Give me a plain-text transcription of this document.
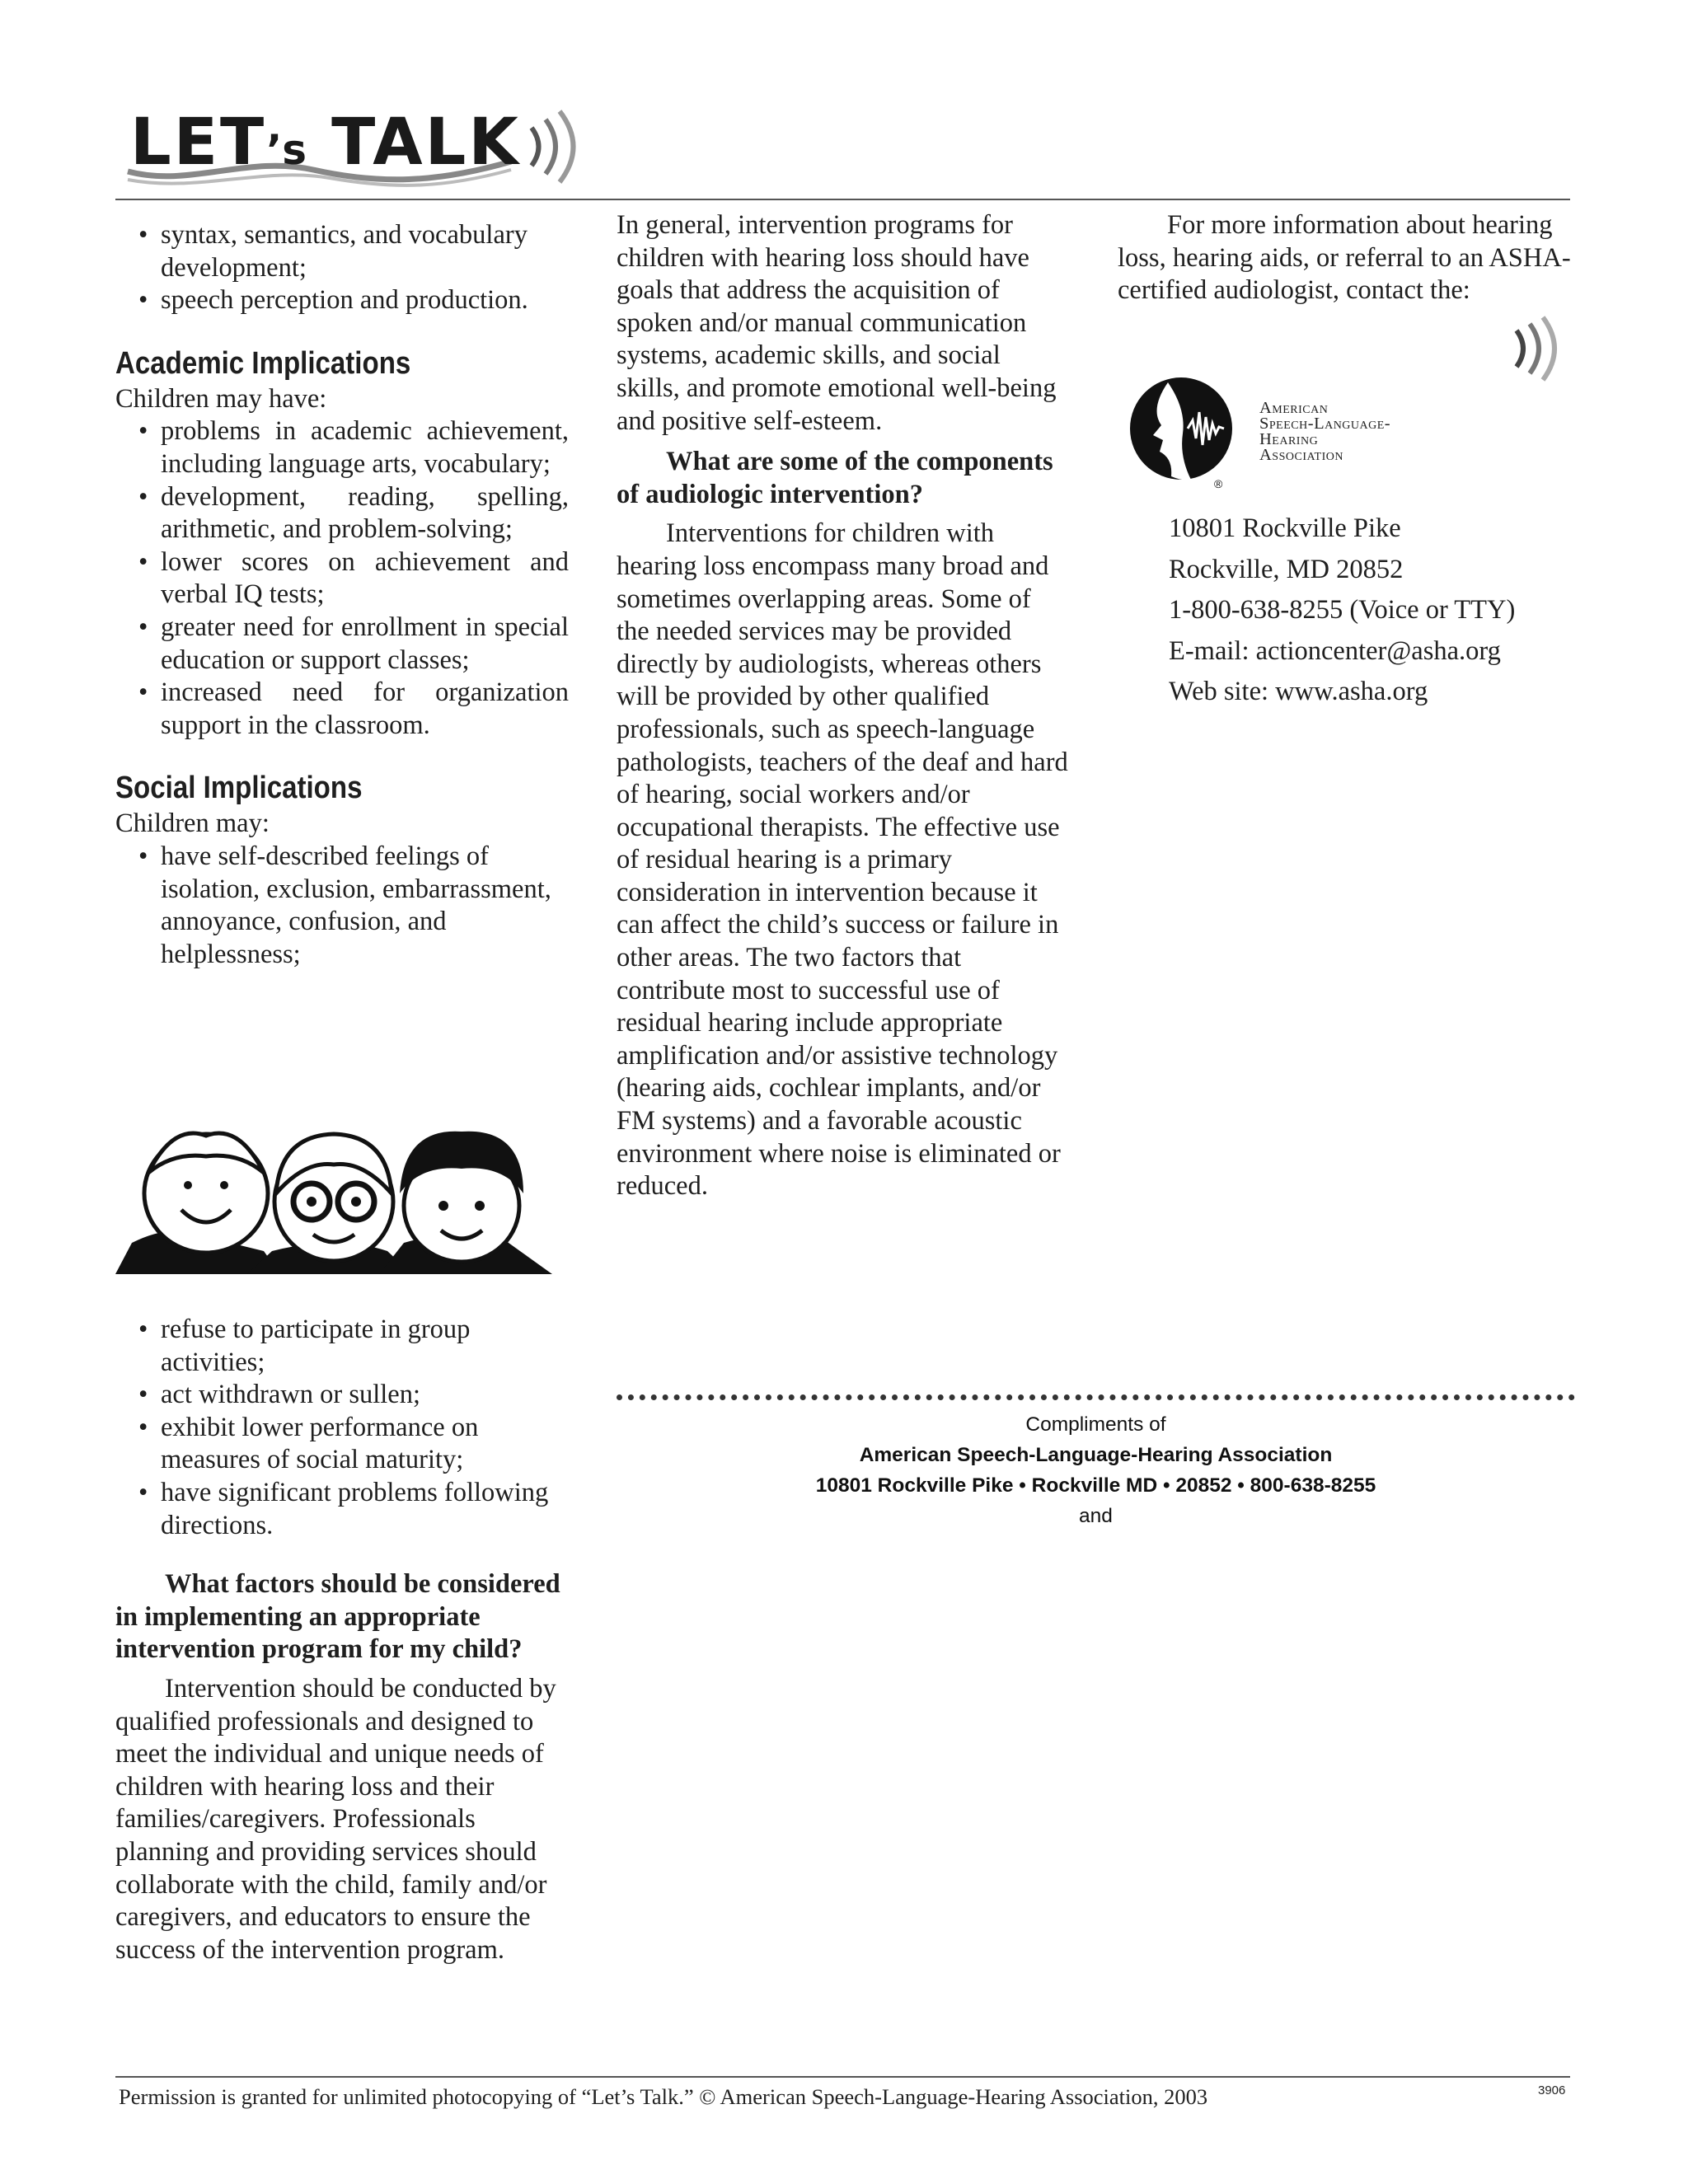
LET’s TALK
• syntax, semantics, and vocabulary development;
• speech perception and production.
Academic Implications

Children may have:

• problems in academic achievement, including language arts, vocabulary;
• development, reading, spelling, arithmetic, and problem-solving;
• lower scores on achievement and verbal IQ tests;
• greater need for enrollment in special education or support classes;
• increased need for organization support in the classroom.
Social Implications

Children may:

• have self-described feelings of isolation, exclusion, embarrassment, annoyance, confusion, and helplessness;
• refuse to participate in group activities;
• act withdrawn or sullen;
• exhibit lower performance on measures of social maturity;
• have significant problems following directions.

What factors should be considered in implementing an appropriate intervention program for my child?

Intervention should be conducted by qualified professionals and designed to meet the individual and unique needs of children with hearing loss and their families/caregivers. Professionals planning and providing services should collaborate with the child, family and/or caregivers, and educators to ensure the success of the intervention program.

In general, intervention programs for children with hearing loss should have goals that address the acquisition of spoken and/or manual communication systems, academic skills, and social skills, and promote emotional well-being and positive self-esteem.

What are some of the components of audiologic intervention?

Interventions for children with hearing loss encompass many broad and sometimes overlapping areas. Some of the needed services may be provided directly by audiologists, whereas others will be provided by other qualified professionals, such as speech-language pathologists, teachers of the deaf and hard of hearing, social workers and/or occupational therapists. The effective use of residual hearing is a primary consideration in intervention because it can affect the child’s success or failure in other areas. The two factors that contribute most to successful use of residual hearing include appropriate amplification and/or assistive technology (hearing aids, cochlear implants, and/or FM systems) and a favorable acoustic environment where noise is eliminated or reduced.

For more information about hearing loss, hearing aids, or referral to an ASHA-certified audiologist, contact the:

®
American
Speech-Language-
Hearing
Association
10801 Rockville Pike
Rockville, MD 20852
1-800-638-8255 (Voice or TTY)
E-mail: actioncenter@asha.org
Web site: www.asha.org
Compliments of
American Speech-Language-Hearing Association
10801 Rockville Pike • Rockville MD • 20852 • 800-638-8255
and
Permission is granted for unlimited photocopying of “Let’s Talk.” © American Speech-Language-Hearing Association, 2003	3906
